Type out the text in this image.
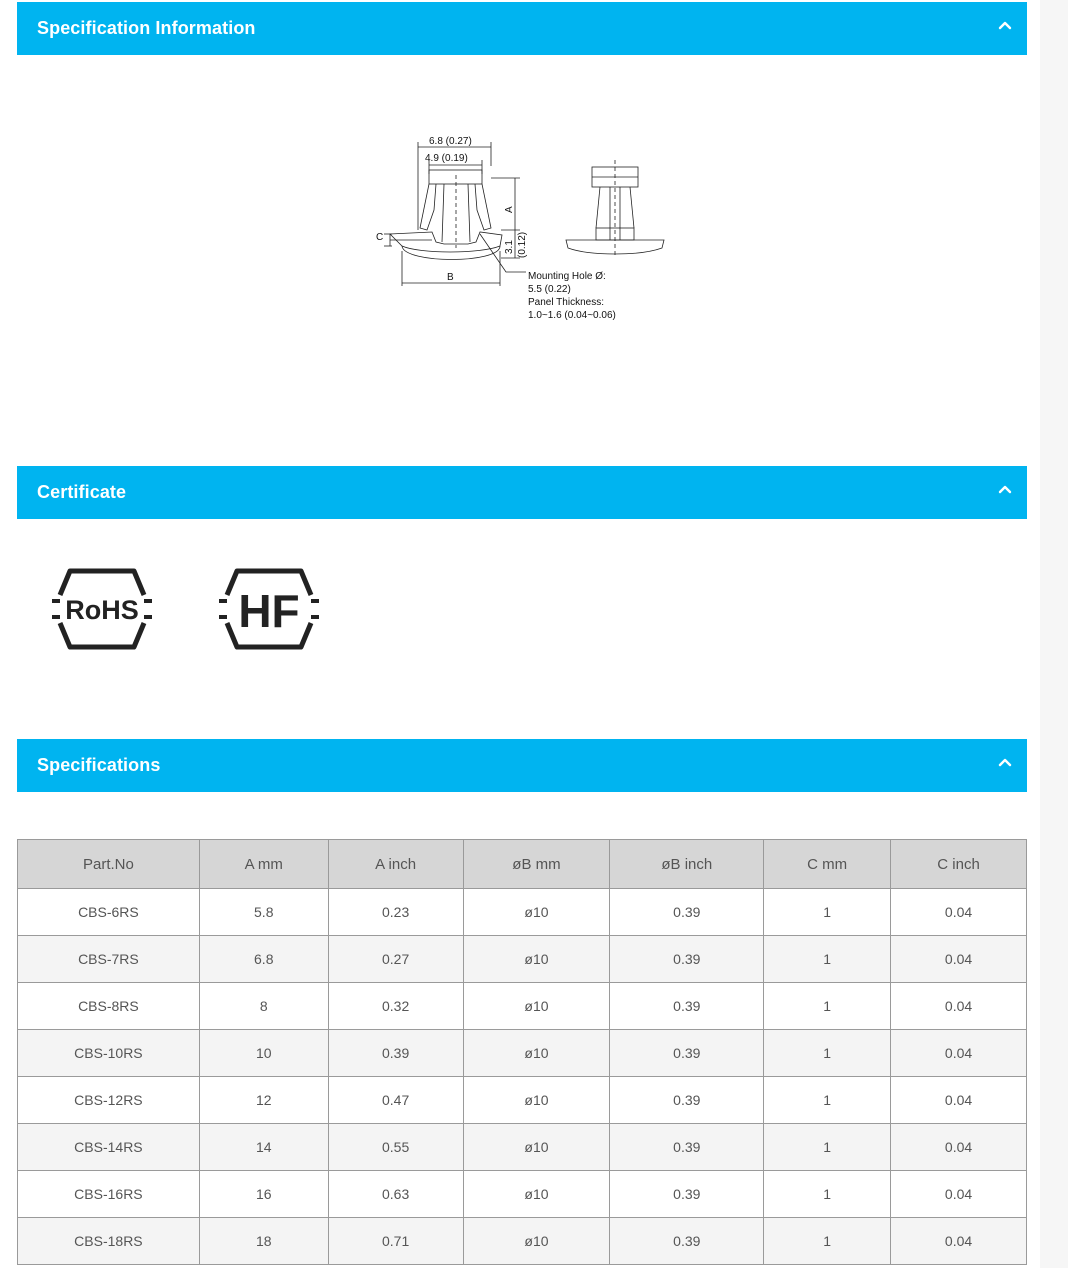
Specification Information
6.8 (0.27)
4.9 (0.19)
A
B
C
3.1 (0.12)
Mounting Hole Ø:
5.5 (0.22)
Panel Thickness:
1.0~1.6 (0.04~0.06)
Certificate
RoHS HF
Specifications
Part.No	A mm	A inch	øB mm	øB inch	C mm	C inch
CBS-6RS	5.8	0.23	ø10	0.39	1	0.04
CBS-7RS	6.8	0.27	ø10	0.39	1	0.04
CBS-8RS	8	0.32	ø10	0.39	1	0.04
CBS-10RS	10	0.39	ø10	0.39	1	0.04
CBS-12RS	12	0.47	ø10	0.39	1	0.04
CBS-14RS	14	0.55	ø10	0.39	1	0.04
CBS-16RS	16	0.63	ø10	0.39	1	0.04
CBS-18RS	18	0.71	ø10	0.39	1	0.04
